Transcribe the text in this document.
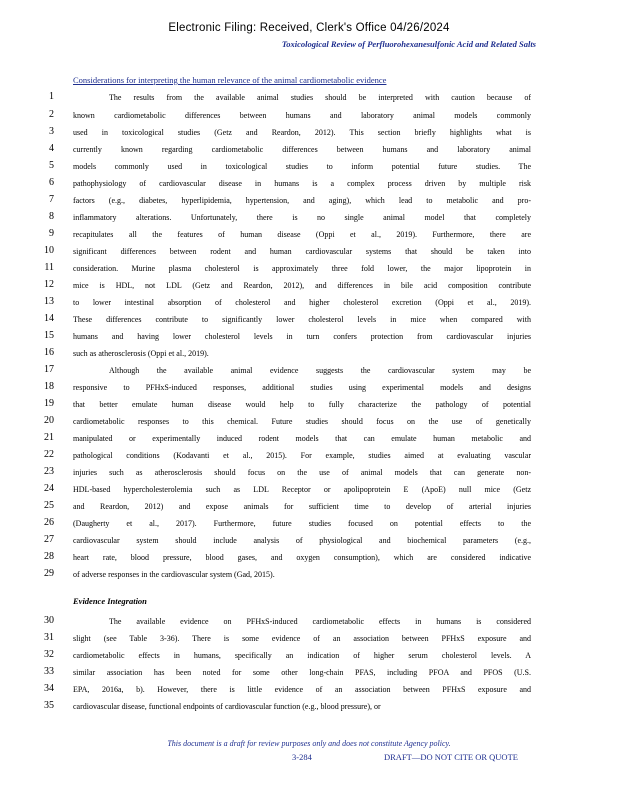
Electronic Filing: Received, Clerk's Office 04/26/2024
Toxicological Review of Perfluorohexanesulfonic Acid and Related Salts
Considerations for interpreting the human relevance of the animal cardiometabolic evidence
Evidence Integration
1	The results from the available animal studies should be interpreted with caution because of
2 known cardiometabolic differences between humans and laboratory animal models commonly
3 used in toxicological studies (Getz and Reardon, 2012). This section briefly highlights what is
4 currently known regarding cardiometabolic differences between humans and laboratory animal
5 models commonly used in toxicological studies to inform potential future studies. The
6 pathophysiology of cardiovascular disease in humans is a complex process driven by multiple risk
7 factors (e.g., diabetes, hyperlipidemia, hypertension, and aging), which lead to metabolic and pro-
8 inflammatory alterations. Unfortunately, there is no single animal model that completely
9 recapitulates all the features of human disease (Oppi et al., 2019). Furthermore, there are
10 significant differences between rodent and human cardiovascular systems that should be taken into
11 consideration. Murine plasma cholesterol is approximately three fold lower, the major lipoprotein in
12 mice is HDL, not LDL (Getz and Reardon, 2012), and differences in bile acid composition contribute
13 to lower intestinal absorption of cholesterol and higher cholesterol excretion (Oppi et al., 2019).
14 These differences contribute to significantly lower cholesterol levels in mice when compared with
15 humans and having lower cholesterol levels in turn confers protection from cardiovascular injuries
16 such as atherosclerosis (Oppi et al., 2019).
17	Although the available animal evidence suggests the cardiovascular system may be
18 responsive to PFHxS-induced responses, additional studies using experimental models and designs
19 that better emulate human disease would help to fully characterize the pathology of potential
20 cardiometabolic responses to this chemical. Future studies should focus on the use of genetically
21 manipulated or experimentally induced rodent models that can emulate human metabolic and
22 pathological conditions (Kodavanti et al., 2015). For example, studies aimed at evaluating vascular
23 injuries such as atherosclerosis should focus on the use of animal models that can generate non-
24 HDL-based hypercholesterolemia such as LDL Receptor or apolipoprotein E (ApoE) null mice (Getz
25 and Reardon, 2012) and expose animals for sufficient time to develop of arterial injuries
26 (Daugherty et al., 2017). Furthermore, future studies focused on potential effects to the
27 cardiovascular system should include analysis of physiological and biochemical parameters (e.g.,
28 heart rate, blood pressure, blood gases, and oxygen consumption), which are considered indicative
29 of adverse responses in the cardiovascular system (Gad, 2015).
30	The available evidence on PFHxS-induced cardiometabolic effects in humans is considered
31 slight (see Table 3-36). There is some evidence of an association between PFHxS exposure and
32 cardiometabolic effects in humans, specifically an indication of higher serum cholesterol levels. A
33 similar association has been noted for some other long-chain PFAS, including PFOA and PFOS (U.S.
34 EPA, 2016a, b). However, there is little evidence of an association between PFHxS exposure and
35 cardiovascular disease, functional endpoints of cardiovascular function (e.g., blood pressure), or
This document is a draft for review purposes only and does not constitute Agency policy.
3-284	DRAFT—DO NOT CITE OR QUOTE
